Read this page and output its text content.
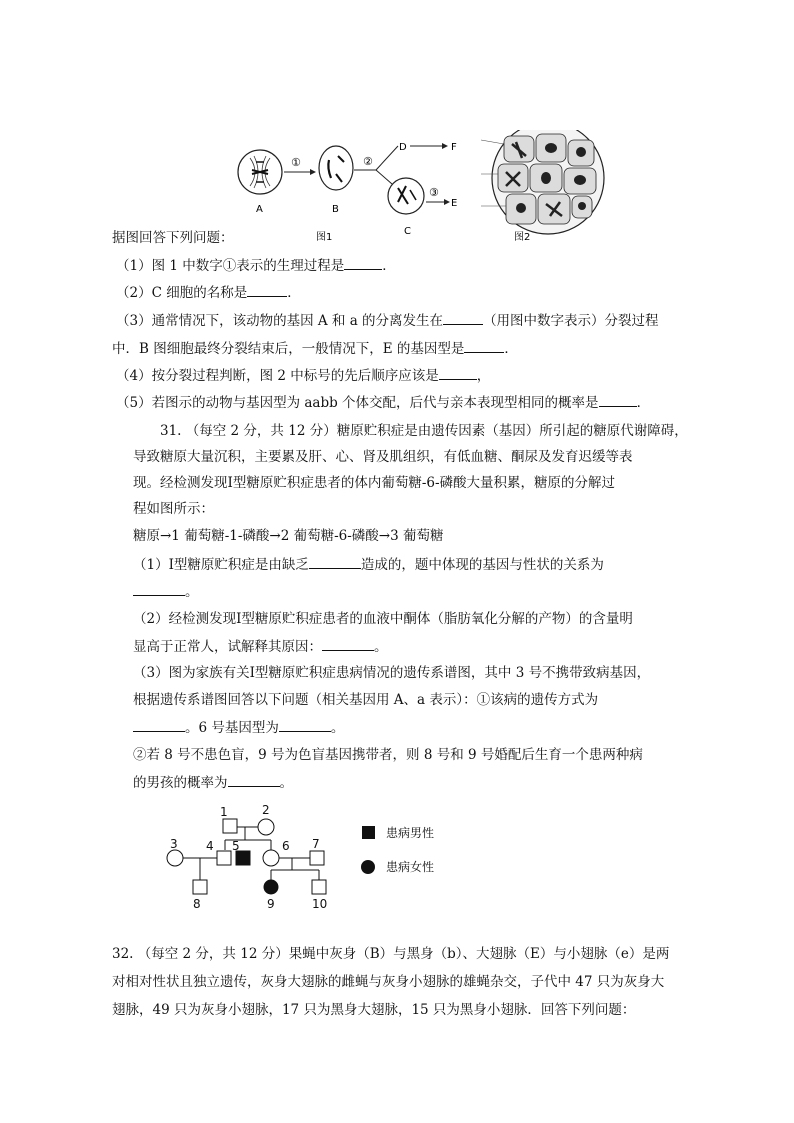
A
①
B
②
D	F
C
③
E
图1	图2
据图回答下列问题：
（1）图 1 中数字①表示的生理过程是	．
（2）C 细胞的名称是	．
（3）通常情况下，该动物的基因 A 和 a 的分离发生在	（用图中数字表示）分裂过程
中．B 图细胞最终分裂结束后，一般情况下，E 的基因型是	．
（4）按分裂过程判断，图 2 中标号的先后顺序应该是	，
（5）若图示的动物与基因型为 aabb 个体交配，后代与亲本表现型相同的概率是	．
31. （每空 2 分，共 12 分）糖原贮积症是由遗传因素（基因）所引起的糖原代谢障碍，
导致糖原大量沉积，主要累及肝、心、肾及肌组织，有低血糖、酮尿及发育迟缓等表
现。经检测发现Ⅰ型糖原贮积症患者的体内葡萄糖-6-磷酸大量积累，糖原的分解过
程如图所示：
糖原→1 葡萄糖-1-磷酸→2 葡萄糖-6-磷酸→3 葡萄糖
（1）Ⅰ型糖原贮积症是由缺乏	造成的，题中体现的基因与性状的关系为
。
（2）经检测发现Ⅰ型糖原贮积症患者的血液中酮体（脂肪氧化分解的产物）的含量明
显高于正常人，试解释其原因：	。
（3）图为家族有关Ⅰ型糖原贮积症患病情况的遗传系谱图，其中 3 号不携带致病基因，
根据遗传系谱图回答以下问题（相关基因用 A、a 表示）：①该病的遗传方式为
。6 号基因型为	。
②若 8 号不患色盲，9 号为色盲基因携带者，则 8 号和 9 号婚配后生育一个患两种病
的男孩的概率为	。
1	2
3 4 5	6 7
8	9	10
患病男性
患病女性
32. （每空 2 分，共 12 分）果蝇中灰身（B）与黑身（b）、大翅脉（E）与小翅脉（e）是两
对相对性状且独立遗传，灰身大翅脉的雌蝇与灰身小翅脉的雄蝇杂交，子代中 47 只为灰身大
翅脉，49 只为灰身小翅脉，17 只为黑身大翅脉，15 只为黑身小翅脉．回答下列问题：
